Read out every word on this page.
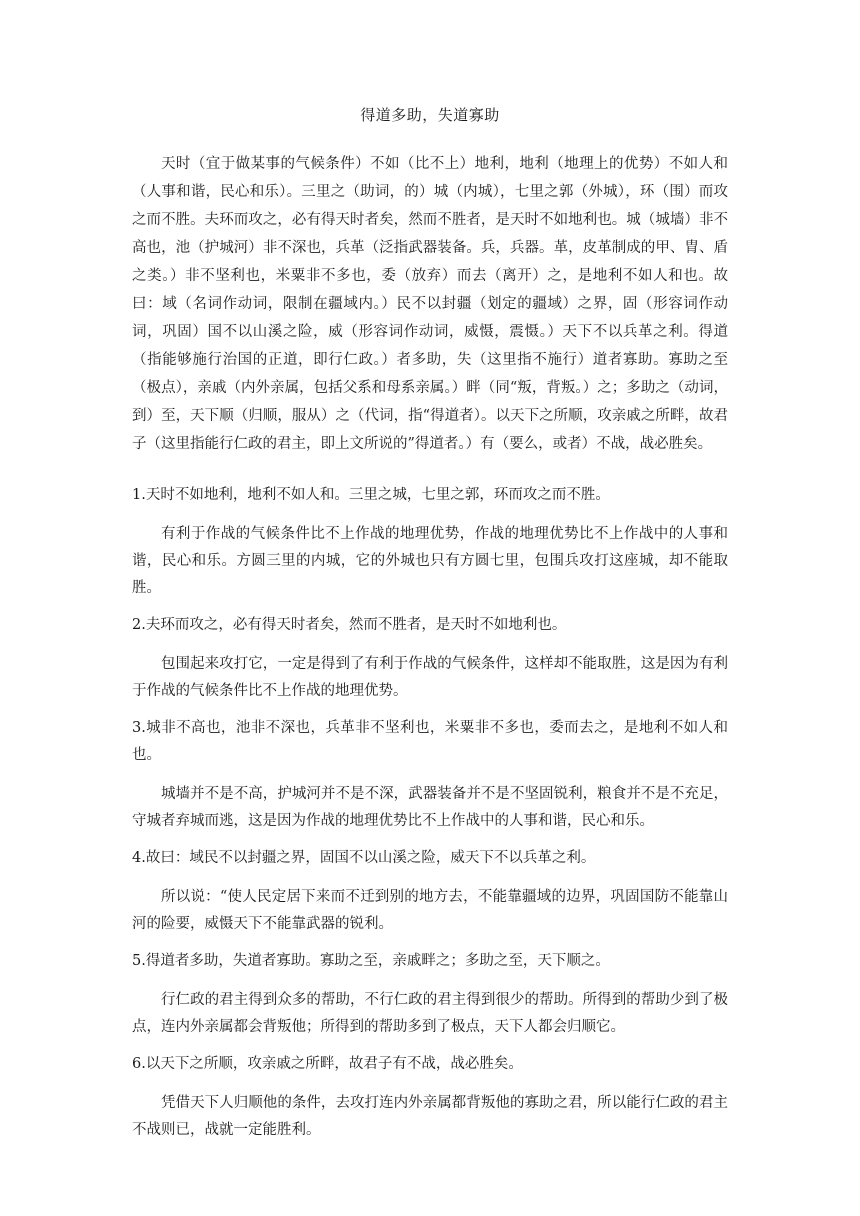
得道多助，失道寡助

天时（宜于做某事的气候条件）不如（比不上）地利，地利（地理上的优势）不如人和（人事和谐，民心和乐）。三里之（助词，的）城（内城），七里之郭（外城），环（围）而攻之而不胜。夫环而攻之，必有得天时者矣，然而不胜者，是天时不如地利也。城（城墙）非不高也，池（护城河）非不深也，兵革（泛指武器装备。兵，兵器。革，皮革制成的甲、胄、盾之类。）非不坚利也，米粟非不多也，委（放弃）而去（离开）之，是地利不如人和也。故曰：域（名词作动词，限制在疆域内。）民不以封疆（划定的疆域）之界，固（形容词作动词，巩固）国不以山溪之险，威（形容词作动词，威慑，震慑。）天下不以兵革之利。得道（指能够施行治国的正道，即行仁政。）者多助，失（这里指不施行）道者寡助。寡助之至（极点），亲戚（内外亲属，包括父系和母系亲属。）畔（同“叛，背叛。）之；多助之（动词，到）至，天下顺（归顺，服从）之（代词，指“得道者）。以天下之所顺，攻亲戚之所畔，故君子（这里指能行仁政的君主，即上文所说的”得道者。）有（要么，或者）不战，战必胜矣。

1.天时不如地利，地利不如人和。三里之城，七里之郭，环而攻之而不胜。

有利于作战的气候条件比不上作战的地理优势，作战的地理优势比不上作战中的人事和谐，民心和乐。方圆三里的内城，它的外城也只有方圆七里，包围兵攻打这座城，却不能取胜。

2.夫环而攻之，必有得天时者矣，然而不胜者，是天时不如地利也。

包围起来攻打它，一定是得到了有利于作战的气候条件，这样却不能取胜，这是因为有利于作战的气候条件比不上作战的地理优势。

3.城非不高也，池非不深也，兵革非不坚利也，米粟非不多也，委而去之，是地利不如人和也。

城墙并不是不高，护城河并不是不深，武器装备并不是不坚固锐利，粮食并不是不充足，守城者弃城而逃，这是因为作战的地理优势比不上作战中的人事和谐，民心和乐。

4.故曰：域民不以封疆之界，固国不以山溪之险，威天下不以兵革之利。

所以说：“使人民定居下来而不迁到别的地方去，不能靠疆域的边界，巩固国防不能靠山河的险要，威慑天下不能靠武器的锐利。

5.得道者多助，失道者寡助。寡助之至，亲戚畔之；多助之至，天下顺之。

行仁政的君主得到众多的帮助，不行仁政的君主得到很少的帮助。所得到的帮助少到了极点，连内外亲属都会背叛他；所得到的帮助多到了极点，天下人都会归顺它。

6.以天下之所顺，攻亲戚之所畔，故君子有不战，战必胜矣。

凭借天下人归顺他的条件，去攻打连内外亲属都背叛他的寡助之君，所以能行仁政的君主不战则已，战就一定能胜利。
